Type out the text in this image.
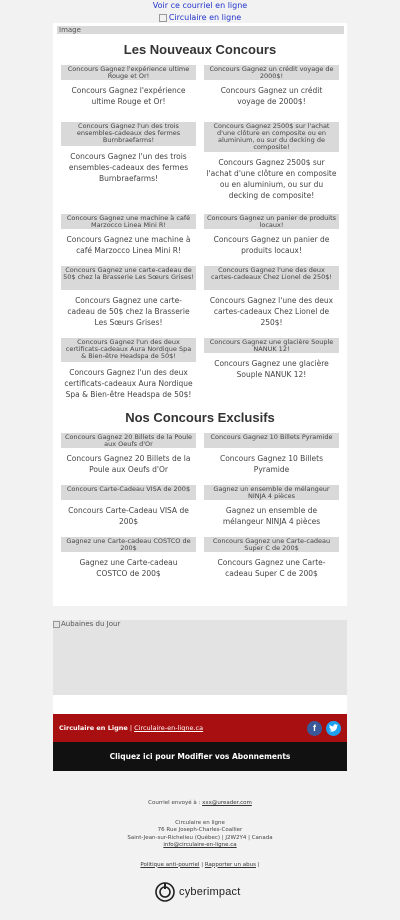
Voir ce courriel en ligne
Circulaire en ligne
Image
Les Nouveaux Concours
Concours Gagnez l'expérience ultime Rouge et Or!
Concours Gagnez l'expérience ultime Rouge et Or!
Concours Gagnez un crédit voyage de 2000$!
Concours Gagnez un crédit voyage de 2000$!
Concours Gagnez l'un des trois ensembles-cadeaux des fermes Burnbraefarms!
Concours Gagnez l'un des trois ensembles-cadeaux des fermes Burnbraefarms!
Concours Gagnez 2500$ sur l'achat d'une clôture en composite ou en aluminium, ou sur du decking de composite!
Concours Gagnez 2500$ sur l'achat d'une clôture en composite ou en aluminium, ou sur du decking de composite!
Concours Gagnez une machine à café Marzocco Linea Mini R!
Concours Gagnez une machine à café Marzocco Linea Mini R!
Concours Gagnez un panier de produits locaux!
Concours Gagnez un panier de produits locaux!
Concours Gagnez une carte-cadeau de 50$ chez la Brasserie Les Sœurs Grises!
Concours Gagnez une carte-cadeau de 50$ chez la Brasserie Les Sœurs Grises!
Concours Gagnez l'une des deux cartes-cadeaux Chez Lionel de 250$!
Concours Gagnez l'une des deux cartes-cadeaux Chez Lionel de 250$!
Concours Gagnez l'un des deux certificats-cadeaux Aura Nordique Spa & Bien-être Headspa de 50$!
Concours Gagnez l'un des deux certificats-cadeaux Aura Nordique Spa & Bien-être Headspa de 50$!
Concours Gagnez une glacière Souple NANUK 12!
Concours Gagnez une glacière Souple NANUK 12!
Nos Concours Exclusifs
Concours Gagnez 20 Billets de la Poule aux Oeufs d'Or
Concours Gagnez 20 Billets de la Poule aux Oeufs d'Or
Concours Gagnez 10 Billets Pyramide
Concours Gagnez 10 Billets Pyramide
Concours Carte-Cadeau VISA de 200$
Concours Carte-Cadeau VISA de 200$
Gagnez un ensemble de mélangeur NINJA 4 pièces
Gagnez un ensemble de mélangeur NINJA 4 pièces
Gagnez une Carte-cadeau COSTCO de 200$
Gagnez une Carte-cadeau COSTCO de 200$
Concours Gagnez une Carte-cadeau Super C de 200$
Concours Gagnez une Carte-cadeau Super C de 200$
Aubaines du Jour
Circulaire en Ligne | Circulaire-en-ligne.ca	f
Cliquez ici pour Modifier vos Abonnements
Courriel envoyé à : xxx@ureader.com
Circulaire en ligne
76 Rue Joseph-Charles-Coallier
Saint-Jean-sur-Richelieu (Québec) | J2W2Y4 | Canada
info@circulaire-en-ligne.ca
Politique anti-pourriel | Rapporter un abus |
cyberimpact
